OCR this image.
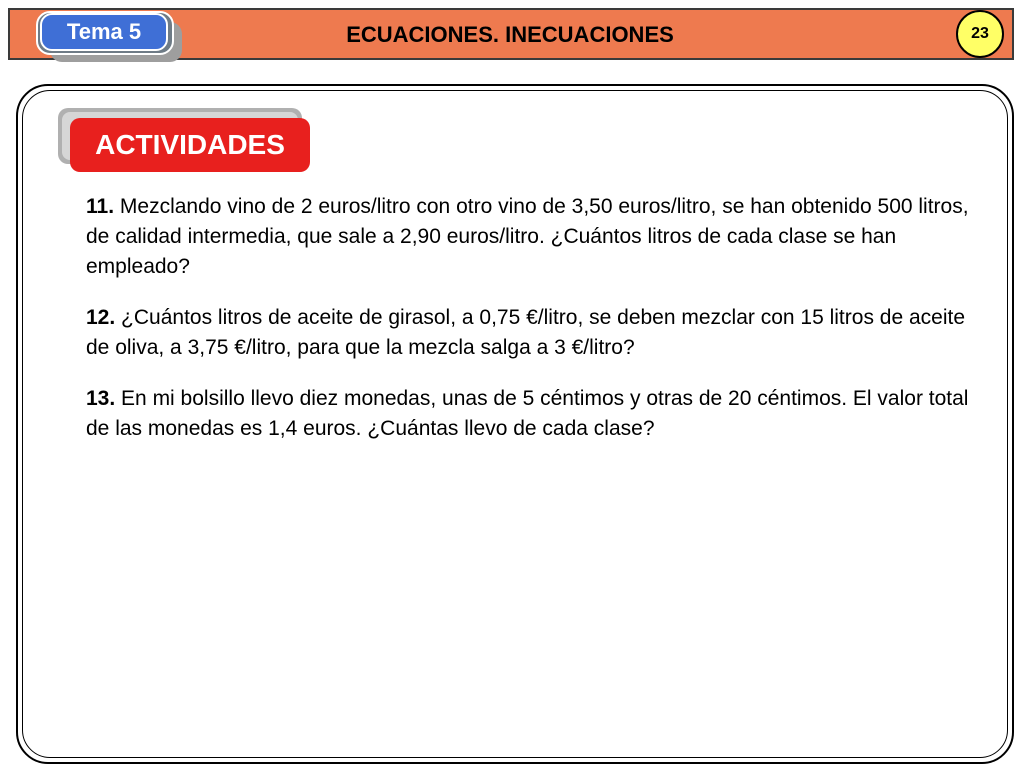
Tema 5	ECUACIONES. INECUACIONES	23
ACTIVIDADES

11. Mezclando vino de 2 euros/litro con otro vino de 3,50 euros/litro, se han obtenido 500 litros, de calidad intermedia, que sale a 2,90 euros/litro. ¿Cuántos litros de cada clase se han empleado?

12. ¿Cuántos litros de aceite de girasol, a 0,75 €/litro, se deben mezclar con 15 litros de aceite de oliva, a 3,75 €/litro, para que la mezcla salga a 3 €/litro?

13. En mi bolsillo llevo diez monedas, unas de 5 céntimos y otras de 20 céntimos. El valor total de las monedas es 1,4 euros. ¿Cuántas llevo de cada clase?
